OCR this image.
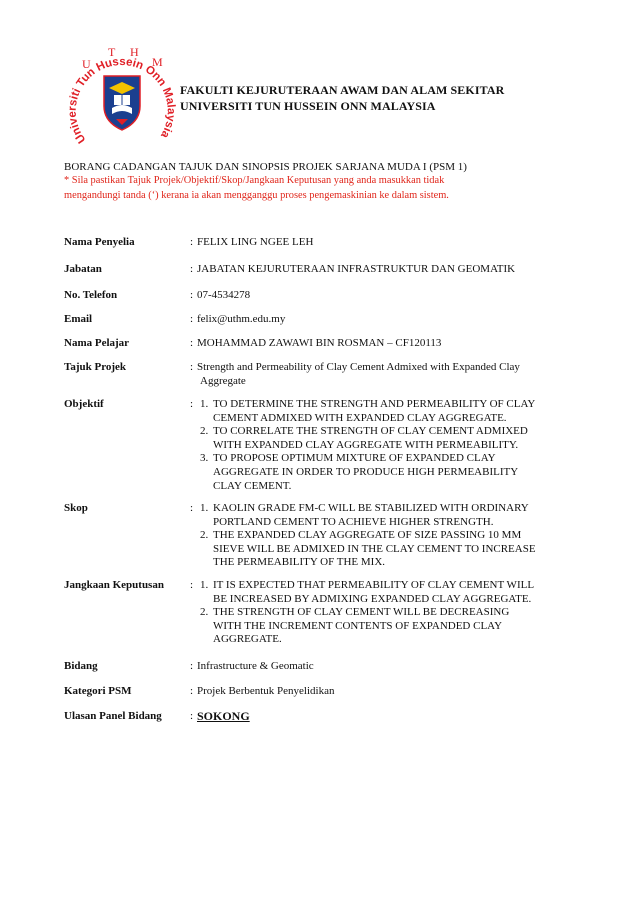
U
T H
M
Universiti Tun Hussein Onn Malaysia
FAKULTI KEJURUTERAAN AWAM DAN ALAM SEKITAR
UNIVERSITI TUN HUSSEIN ONN MALAYSIA
BORANG CADANGAN TAJUK DAN SINOPSIS PROJEK SARJANA MUDA I (PSM 1)
* Sila pastikan Tajuk Projek/Objektif/Skop/Jangkaan Keputusan yang anda masukkan tidak
mengandungi tanda (‘) kerana ia akan mengganggu proses pengemaskinian ke dalam sistem.
Nama Penyelia	: FELIX LING NGEE LEH
Jabatan	: JABATAN KEJURUTERAAN INFRASTRUKTUR DAN GEOMATIK
No. Telefon	: 07-4534278
Email	: felix@uthm.edu.my
Nama Pelajar	: MOHAMMAD ZAWAWI BIN ROSMAN – CF120113
Tajuk Projek	: Strength and Permeability of Clay Cement Admixed with Expanded Clay
Aggregate
Objektif	: 1. TO DETERMINE THE STRENGTH AND PERMEABILITY OF CLAY
CEMENT ADMIXED WITH EXPANDED CLAY AGGREGATE.
2. TO CORRELATE THE STRENGTH OF CLAY CEMENT ADMIXED
WITH EXPANDED CLAY AGGREGATE WITH PERMEABILITY.
3. TO PROPOSE OPTIMUM MIXTURE OF EXPANDED CLAY
AGGREGATE IN ORDER TO PRODUCE HIGH PERMEABILITY
CLAY CEMENT.
Skop	: 1. KAOLIN GRADE FM-C WILL BE STABILIZED WITH ORDINARY
PORTLAND CEMENT TO ACHIEVE HIGHER STRENGTH.
2. THE EXPANDED CLAY AGGREGATE OF SIZE PASSING 10 MM
SIEVE WILL BE ADMIXED IN THE CLAY CEMENT TO INCREASE
THE PERMEABILITY OF THE MIX.
Jangkaan Keputusan	: 1. IT IS EXPECTED THAT PERMEABILITY OF CLAY CEMENT WILL
BE INCREASED BY ADMIXING EXPANDED CLAY AGGREGATE.
2. THE STRENGTH OF CLAY CEMENT WILL BE DECREASING
WITH THE INCREMENT CONTENTS OF EXPANDED CLAY
AGGREGATE.
Bidang	: Infrastructure & Geomatic
Kategori PSM	: Projek Berbentuk Penyelidikan
Ulasan Panel Bidang	: SOKONG
